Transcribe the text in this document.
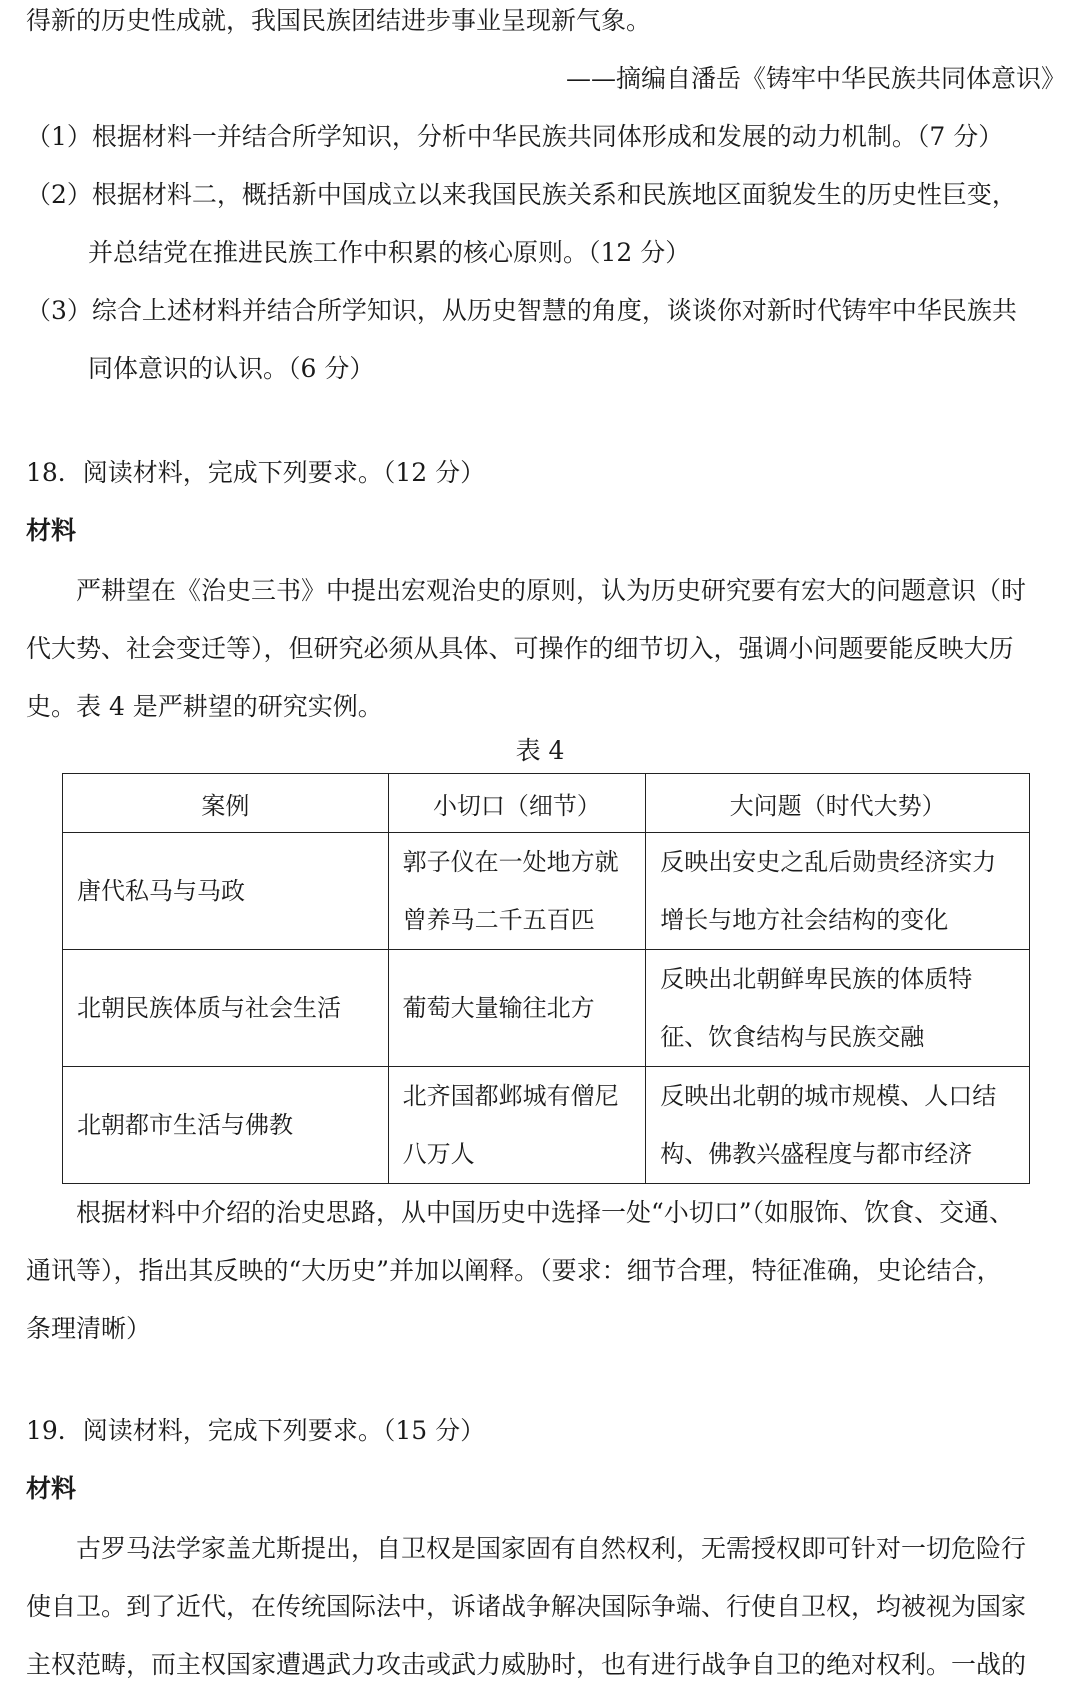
得新的历史性成就，我国民族团结进步事业呈现新气象。
——摘编自潘岳《铸牢中华民族共同体意识》
（1）根据材料一并结合所学知识，分析中华民族共同体形成和发展的动力机制。（7 分）
（2）根据材料二，概括新中国成立以来我国民族关系和民族地区面貌发生的历史性巨变，
并总结党在推进民族工作中积累的核心原则。（12 分）
（3）综合上述材料并结合所学知识，从历史智慧的角度，谈谈你对新时代铸牢中华民族共
同体意识的认识。（6 分）
18．阅读材料，完成下列要求。（12 分）
材料
严耕望在《治史三书》中提出宏观治史的原则，认为历史研究要有宏大的问题意识（时
代大势、社会变迁等），但研究必须从具体、可操作的细节切入，强调小问题要能反映大历
史。表 4 是严耕望的研究实例。
表 4
案例	小切口（细节）	大问题（时代大势）
唐代私马与马政	郭子仪在一处地方就曾养马二千五百匹	反映出安史之乱后勋贵经济实力增长与地方社会结构的变化
北朝民族体质与社会生活	葡萄大量输往北方	反映出北朝鲜卑民族的体质特征、饮食结构与民族交融
北朝都市生活与佛教	北齐国都邺城有僧尼八万人	反映出北朝的城市规模、人口结构、佛教兴盛程度与都市经济
根据材料中介绍的治史思路，从中国历史中选择一处“小切口”（如服饰、饮食、交通、
通讯等），指出其反映的“大历史”并加以阐释。（要求：细节合理，特征准确，史论结合，
条理清晰）
19．阅读材料，完成下列要求。（15 分）
材料
古罗马法学家盖尤斯提出，自卫权是国家固有自然权利，无需授权即可针对一切危险行
使自卫。到了近代，在传统国际法中，诉诸战争解决国际争端、行使自卫权，均被视为国家
主权范畴，而主权国家遭遇武力攻击或武力威胁时，也有进行战争自卫的绝对权利。一战的
